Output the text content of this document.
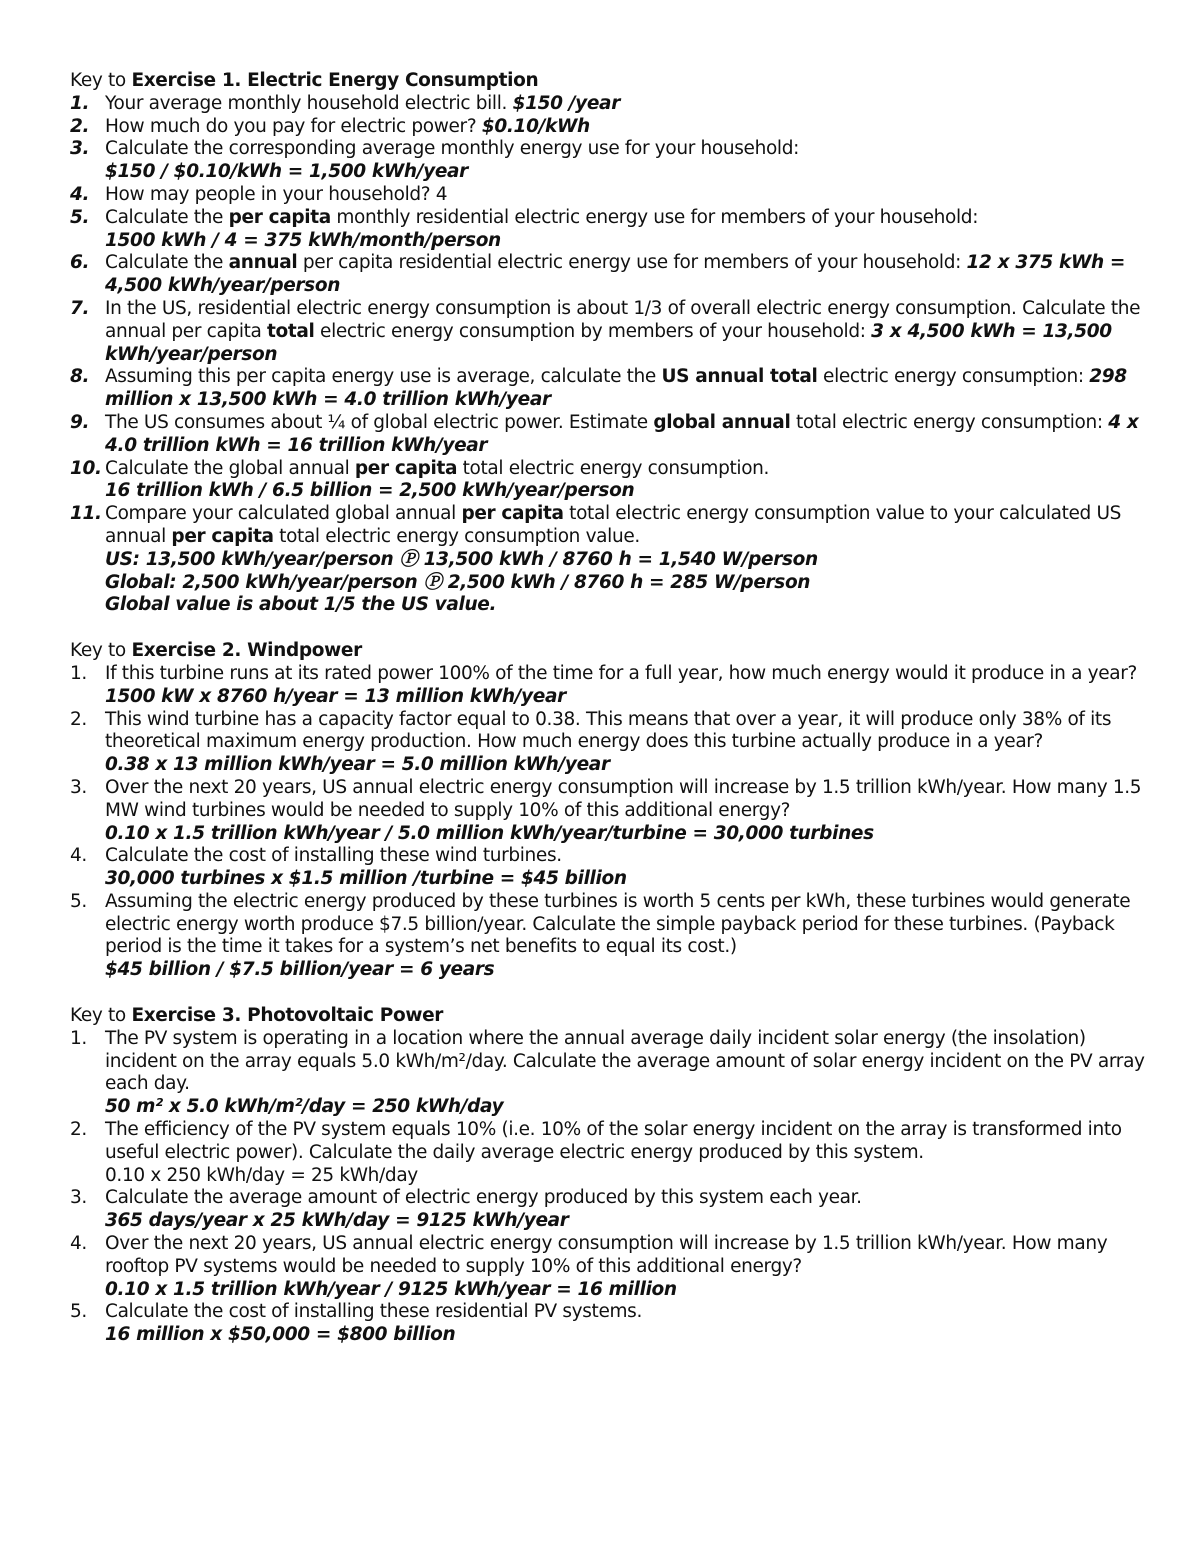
Key to Exercise 1. Electric Energy Consumption
1. Your average monthly household electric bill. $150 /year
2. How much do you pay for electric power? $0.10/kWh
3. Calculate the corresponding average monthly energy use for your household:
$150 / $0.10/kWh = 1,500 kWh/year
4. How may people in your household? 4
5. Calculate the per capita monthly residential electric energy use for members of your household:
1500 kWh / 4 = 375 kWh/month/person
6. Calculate the annual per capita residential electric energy use for members of your household: 12 x 375 kWh = 4,500 kWh/year/person
7. In the US, residential electric energy consumption is about 1/3 of overall electric energy consumption. Calculate the annual per capita total electric energy consumption by members of your household: 3 x 4,500 kWh = 13,500 kWh/year/person
8. Assuming this per capita energy use is average, calculate the US annual total electric energy consumption: 298 million x 13,500 kWh = 4.0 trillion kWh/year
9. The US consumes about ¼ of global electric power. Estimate global annual total electric energy consumption: 4 x 4.0 trillion kWh = 16 trillion kWh/year
10. Calculate the global annual per capita total electric energy consumption.
16 trillion kWh / 6.5 billion = 2,500 kWh/year/person
11. Compare your calculated global annual per capita total electric energy consumption value to your calculated US annual per capita total electric energy consumption value.
US: 13,500 kWh/year/person Ⓟ 13,500 kWh / 8760 h = 1,540 W/person
Global: 2,500 kWh/year/person Ⓟ 2,500 kWh / 8760 h = 285 W/person
Global value is about 1/5 the US value.
Key to Exercise 2. Windpower
1. If this turbine runs at its rated power 100% of the time for a full year, how much energy would it produce in a year?
1500 kW x 8760 h/year = 13 million kWh/year
2. This wind turbine has a capacity factor equal to 0.38. This means that over a year, it will produce only 38% of its theoretical maximum energy production. How much energy does this turbine actually produce in a year?
0.38 x 13 million kWh/year = 5.0 million kWh/year
3. Over the next 20 years, US annual electric energy consumption will increase by 1.5 trillion kWh/year. How many 1.5 MW wind turbines would be needed to supply 10% of this additional energy?
0.10 x 1.5 trillion kWh/year / 5.0 million kWh/year/turbine = 30,000 turbines
4. Calculate the cost of installing these wind turbines.
30,000 turbines x $1.5 million /turbine = $45 billion
5. Assuming the electric energy produced by these turbines is worth 5 cents per kWh, these turbines would generate electric energy worth produce $7.5 billion/year. Calculate the simple payback period for these turbines. (Payback period is the time it takes for a system’s net benefits to equal its cost.)
$45 billion / $7.5 billion/year = 6 years
Key to Exercise 3. Photovoltaic Power
1. The PV system is operating in a location where the annual average daily incident solar energy (the insolation) incident on the array equals 5.0 kWh/m²/day. Calculate the average amount of solar energy incident on the PV array each day.
50 m² x 5.0 kWh/m²/day = 250 kWh/day
2. The efficiency of the PV system equals 10% (i.e. 10% of the solar energy incident on the array is transformed into useful electric power). Calculate the daily average electric energy produced by this system.
0.10 x 250 kWh/day = 25 kWh/day
3. Calculate the average amount of electric energy produced by this system each year.
365 days/year x 25 kWh/day = 9125 kWh/year
4. Over the next 20 years, US annual electric energy consumption will increase by 1.5 trillion kWh/year. How many rooftop PV systems would be needed to supply 10% of this additional energy?
0.10 x 1.5 trillion kWh/year / 9125 kWh/year = 16 million
5. Calculate the cost of installing these residential PV systems.
16 million x $50,000 = $800 billion
